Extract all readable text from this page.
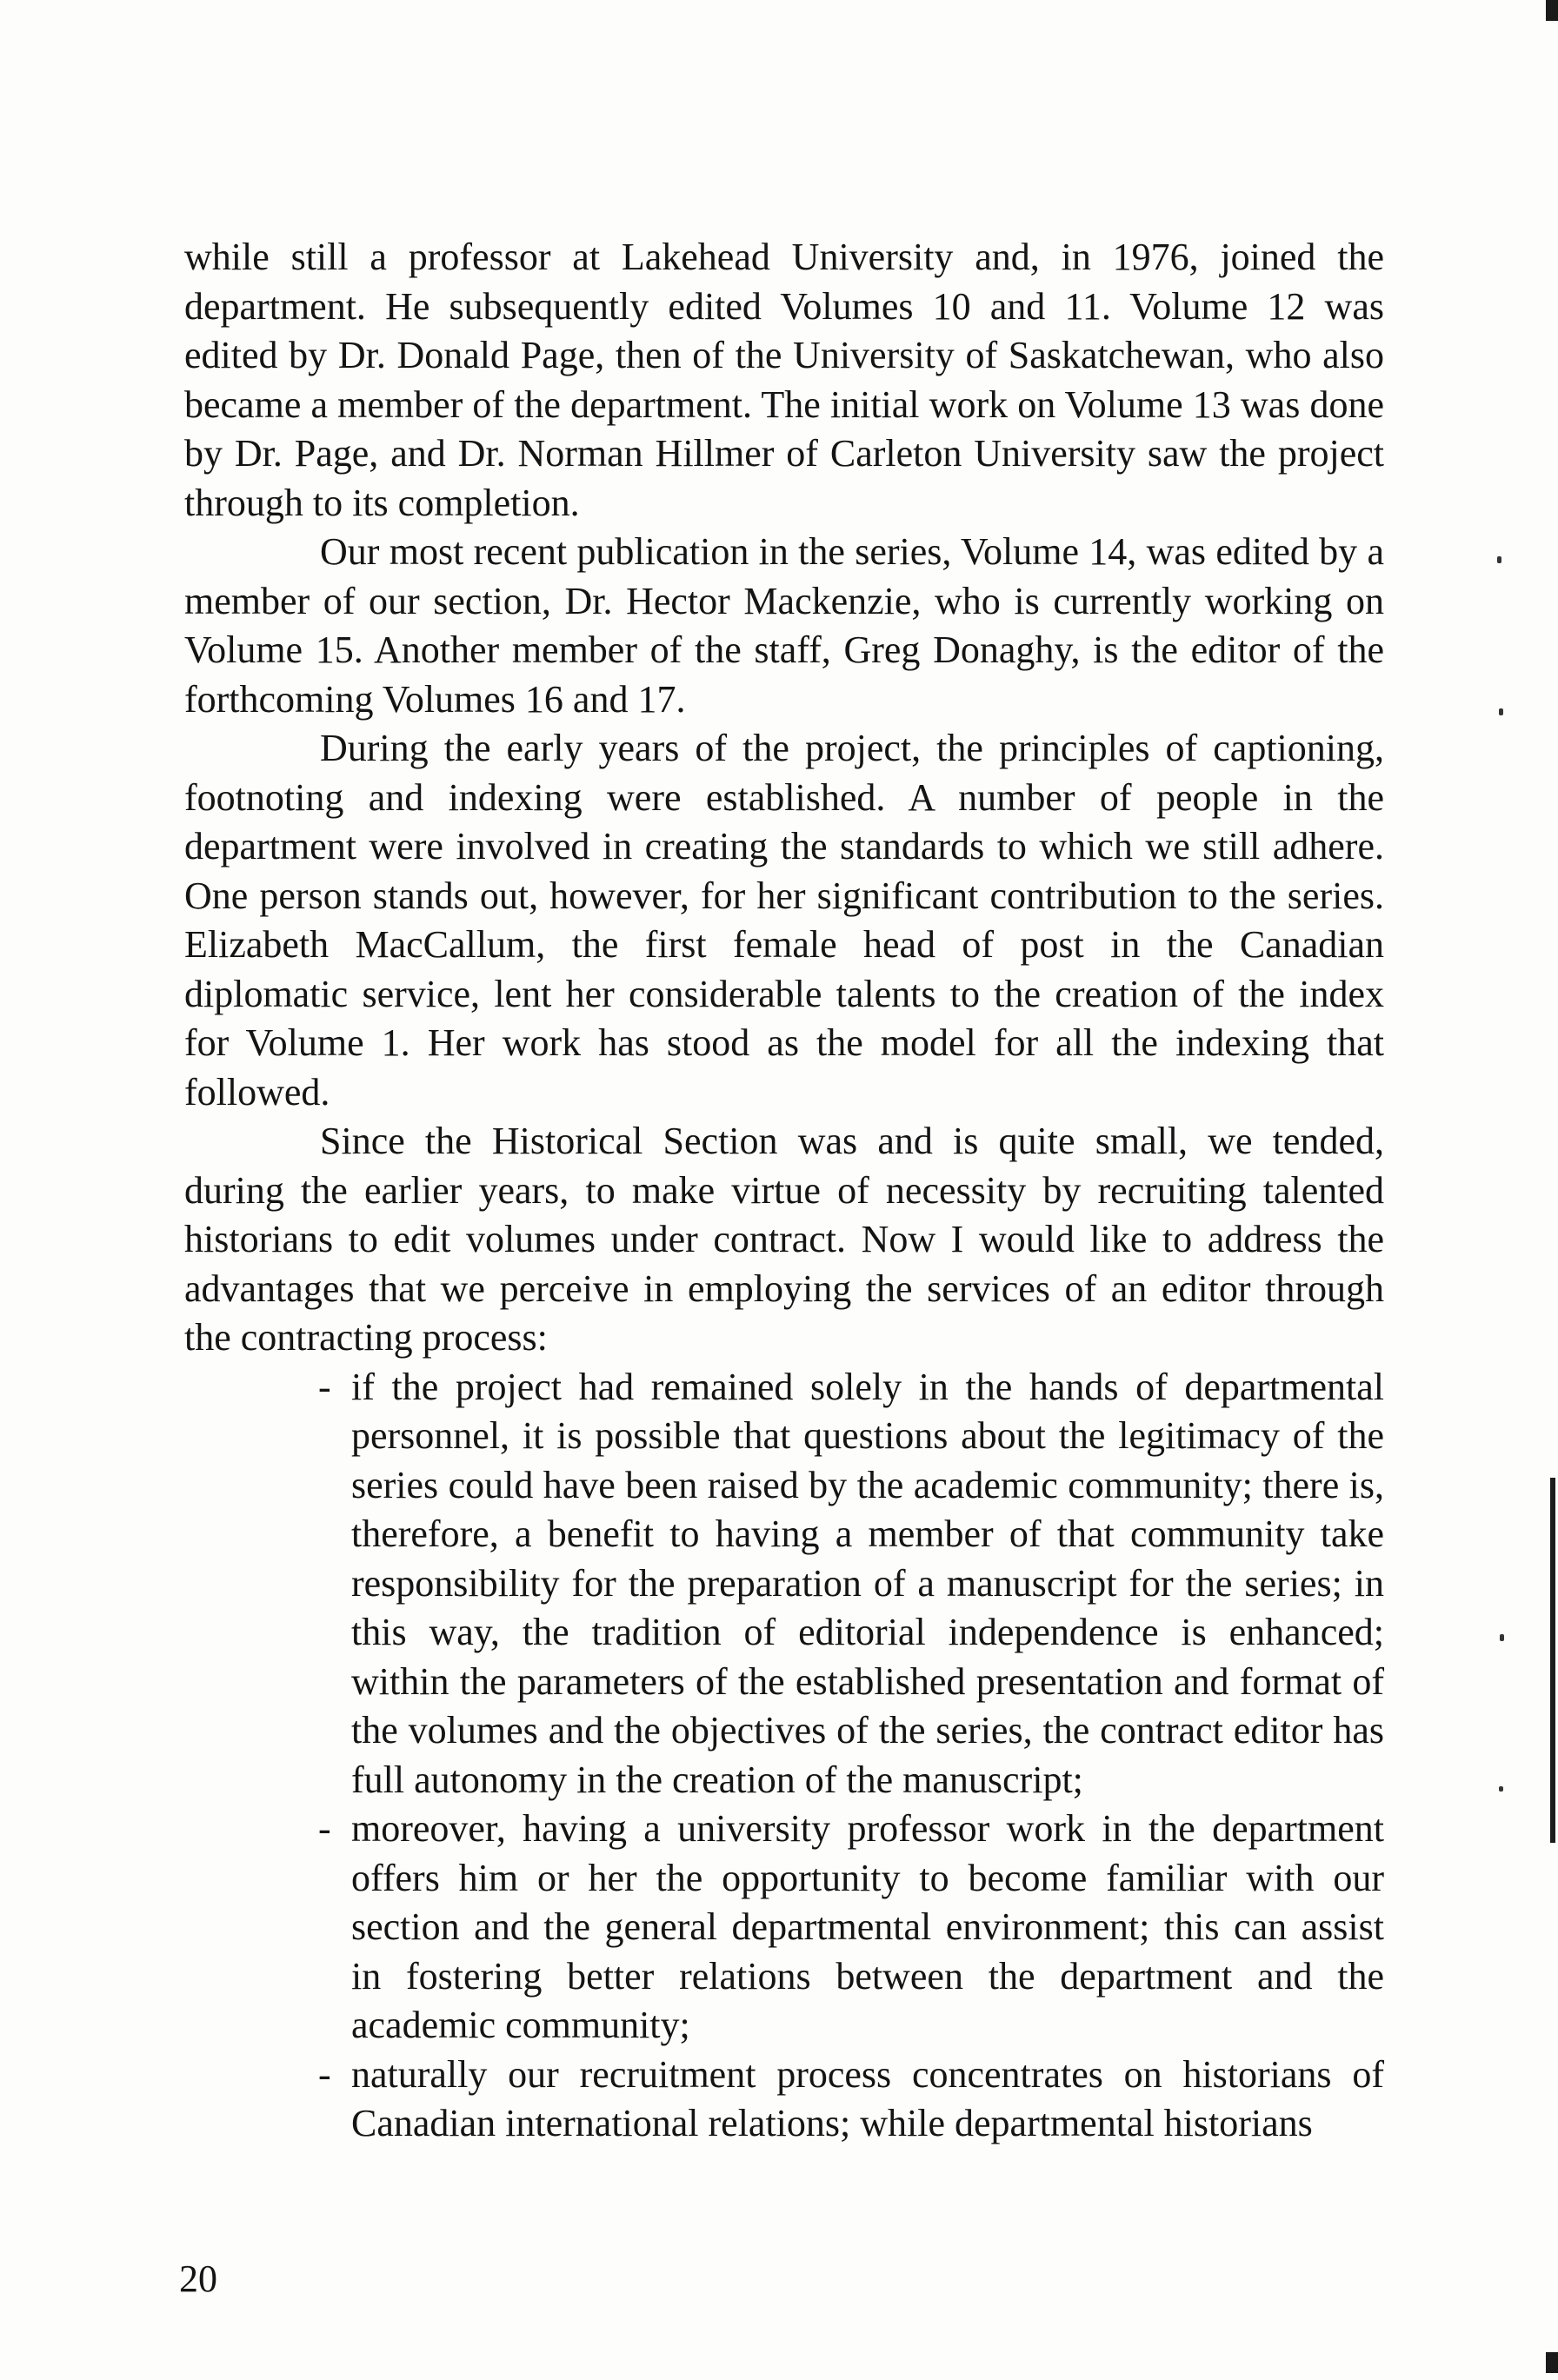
while still a professor at Lakehead University and, in 1976, joined the department. He subsequently edited Volumes 10 and 11. Volume 12 was edited by Dr. Donald Page, then of the University of Saskatchewan, who also became a member of the department. The initial work on Volume 13 was done by Dr. Page, and Dr. Norman Hillmer of Carleton University saw the project through to its completion.

Our most recent publication in the series, Volume 14, was edited by a member of our section, Dr. Hector Mackenzie, who is currently working on Volume 15. Another member of the staff, Greg Donaghy, is the editor of the forthcoming Volumes 16 and 17.

During the early years of the project, the principles of captioning, footnoting and indexing were established. A number of people in the department were involved in creating the standards to which we still adhere. One person stands out, however, for her significant contribution to the series. Elizabeth MacCallum, the first female head of post in the Canadian diplomatic service, lent her considerable talents to the creation of the index for Volume 1. Her work has stood as the model for all the indexing that followed.

Since the Historical Section was and is quite small, we tended, during the earlier years, to make virtue of necessity by recruiting talented historians to edit volumes under contract. Now I would like to address the advantages that we perceive in employing the services of an editor through the contracting process:

- if the project had remained solely in the hands of departmental personnel, it is possible that questions about the legitimacy of the series could have been raised by the academic community; there is, therefore, a benefit to having a member of that community take responsibility for the preparation of a manuscript for the series; in this way, the tradition of editorial independence is enhanced; within the parameters of the established presentation and format of the volumes and the objectives of the series, the contract editor has full autonomy in the creation of the manuscript;
- moreover, having a university professor work in the department offers him or her the opportunity to become familiar with our section and the general departmental environment; this can assist in fostering better relations between the department and the academic community;
- naturally our recruitment process concentrates on historians of Canadian international relations; while departmental historians
20
